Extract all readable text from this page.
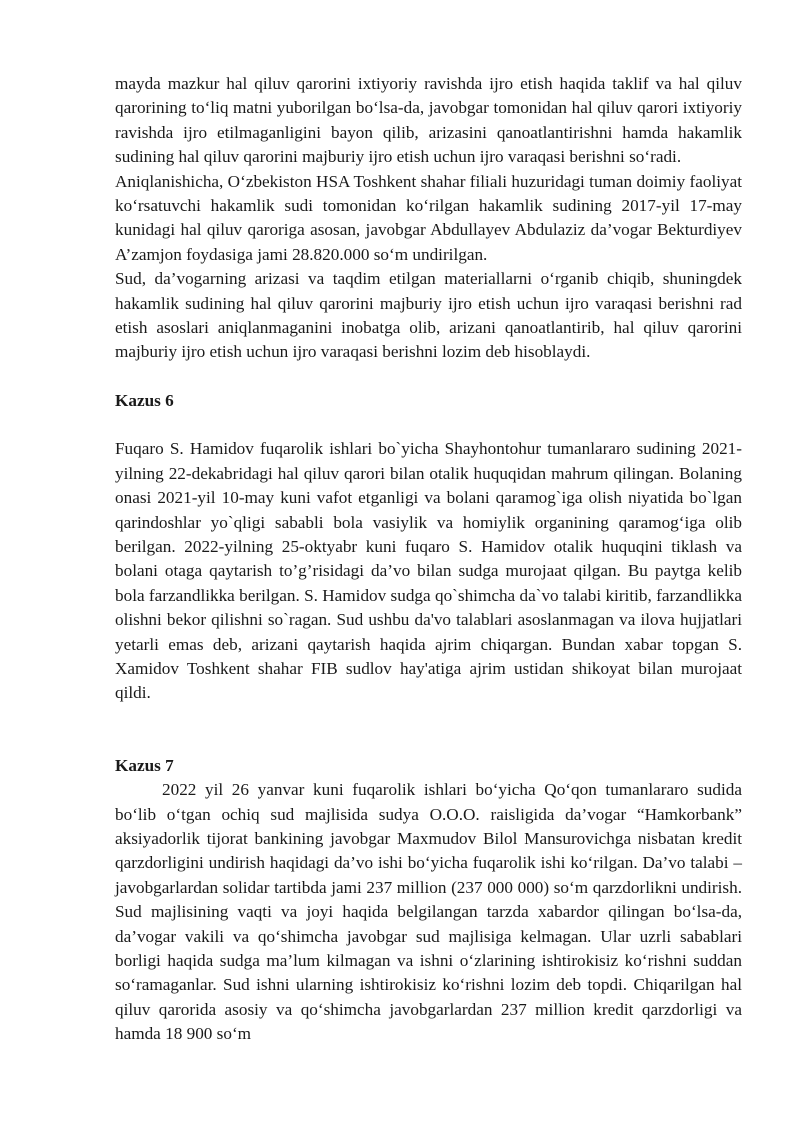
mayda mazkur hal qiluv qarorini ixtiyoriy ravishda ijro etish haqida taklif va hal qiluv qarorining to‘liq matni yuborilgan bo‘lsa-da, javobgar tomonidan hal qiluv qarori ixtiyoriy ravishda ijro etilmaganligini bayon qilib, arizasini qanoatlantirishni hamda hakamlik sudining hal qiluv qarorini majburiy ijro etish uchun ijro varaqasi berishni so‘radi.

Aniqlanishicha, O‘zbekiston HSA Toshkent shahar filiali huzuridagi tuman doimiy faoliyat ko‘rsatuvchi hakamlik sudi tomonidan ko‘rilgan hakamlik sudining 2017-yil 17-may kunidagi hal qiluv qaroriga asosan, javobgar Abdullayev Abdulaziz da’vogar Bekturdiyev A’zamjon foydasiga jami 28.820.000 so‘m undirilgan.

Sud, da’vogarning arizasi va taqdim etilgan materiallarni o‘rganib chiqib, shuningdek hakamlik sudining hal qiluv qarorini majburiy ijro etish uchun ijro varaqasi berishni rad etish asoslari aniqlanmaganini inobatga olib, arizani qanoatlantirib, hal qiluv qarorini majburiy ijro etish uchun ijro varaqasi berishni lozim deb hisoblaydi.

Kazus 6

Fuqaro S. Hamidov fuqarolik ishlari bo`yicha Shayhontohur tumanlararo sudining 2021-yilning 22-dekabridagi hal qiluv qarori bilan otalik huquqidan mahrum qilingan. Bolaning onasi 2021-yil 10-may kuni vafot etganligi va bolani qaramog`iga olish niyatida bo`lgan qarindoshlar yo`qligi sababli bola vasiylik va homiylik organining qaramog‘iga olib berilgan. 2022-yilning 25-oktyabr kuni fuqaro S. Hamidov otalik huquqini tiklash va bolani otaga qaytarish to’g’risidagi da’vo bilan sudga murojaat qilgan. Bu paytga kelib bola farzandlikka berilgan. S. Hamidov sudga qo`shimcha da`vo talabi kiritib, farzandlikka olishni bekor qilishni so`ragan. Sud ushbu da'vo talablari asoslanmagan va ilova hujjatlari yetarli emas deb, arizani qaytarish haqida ajrim chiqargan. Bundan xabar topgan S. Xamidov Toshkent shahar FIB sudlov hay'atiga ajrim ustidan shikoyat bilan murojaat qildi.

Kazus 7

2022 yil 26 yanvar kuni fuqarolik ishlari bo‘yicha Qo‘qon tumanlararo sudida bo‘lib o‘tgan ochiq sud majlisida sudya O.O.O. raisligida da’vogar “Hamkorbank” aksiyadorlik tijorat bankining javobgar Maxmudov Bilol Mansurovichga nisbatan kredit qarzdorligini undirish haqidagi da’vo ishi bo‘yicha fuqarolik ishi ko‘rilgan. Da’vo talabi – javobgarlardan solidar tartibda jami 237 million (237 000 000) so‘m qarzdorlikni undirish. Sud majlisining vaqti va joyi haqida belgilangan tarzda xabardor qilingan bo‘lsa-da, da’vogar vakili va qo‘shimcha javobgar sud majlisiga kelmagan. Ular uzrli sabablari borligi haqida sudga ma’lum kilmagan va ishni o‘zlarining ishtirokisiz ko‘rishni suddan so‘ramaganlar. Sud ishni ularning ishtirokisiz ko‘rishni lozim deb topdi. Chiqarilgan hal qiluv qarorida asosiy va qo‘shimcha javobgarlardan 237 million kredit qarzdorligi va hamda 18 900 so‘m
